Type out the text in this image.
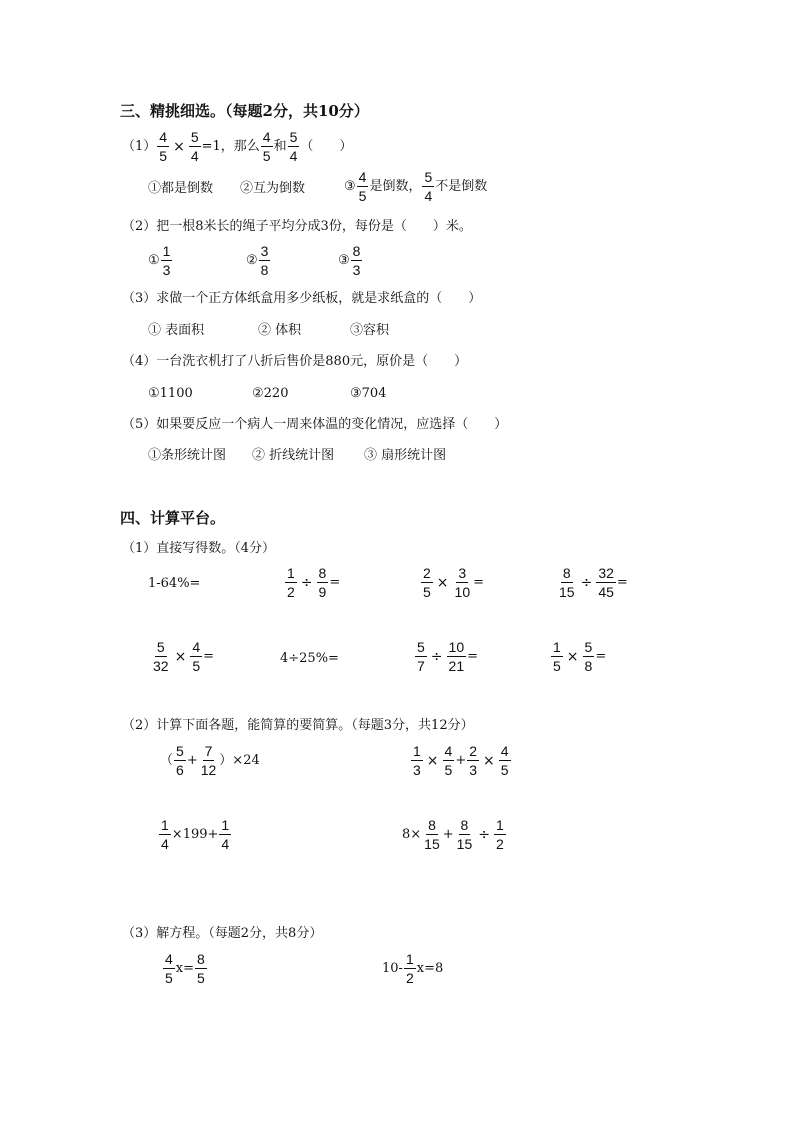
三、精挑细选。（每题2分，共10分）
$(1) \frac{4}{5} \times \frac{5}{4} =1$，那么
4
5
和
5
4
（　　）
①都是倒数 ②互为倒数	③
4
5
是倒数，
5
4
不是倒数
（2）把一根8米长的绳子平均分成3份，每份是（　　）米。
①
1
3
②
3
8
③
8
3
（3）求做一个正方体纸盒用多少纸板，就是求纸盒的（　　）
① 表面积	② 体积	③容积
（4）一台洗衣机打了八折后售价是880元，原价是（　　）
①1100	②220	③704
（5）如果要反应一个病人一周来体温的变化情况，应选择（　　）
①条形统计图 ② 折线统计图 ③ 扇形统计图
四、计算平台。
（1）直接写得数。（4分）
1-64%=	$\frac{1}{2} \div \frac{8}{9}$ =	$\frac{2}{5} \times \frac{3}{10}$ =	$\frac{8}{15} \div \frac{32}{45}$ =
$\frac{5}{32} \times \frac{4}{5}$ =	4÷25%=	$\frac{5}{7} \div \frac{10}{21}$ =	$\frac{1}{5} \times \frac{5}{8}$ =
（2）计算下面各题，能简算的要简算。（每题3分，共12分）
（
5
6
+ $\frac{7}{12} )\times 24$	$\frac{1}{3} \times \frac{4}{5} + \frac{2}{3} \times \frac{4}{5}$
$\frac{1}{4} \times 199+ \frac{1}{4}$	$8\times \frac{8}{15} + \frac{8}{15} \div \frac{1}{2}$
（3）解方程。（每题2分，共8分）
4
5
$x= \frac{8}{5}$	10-
1
2
x=8
